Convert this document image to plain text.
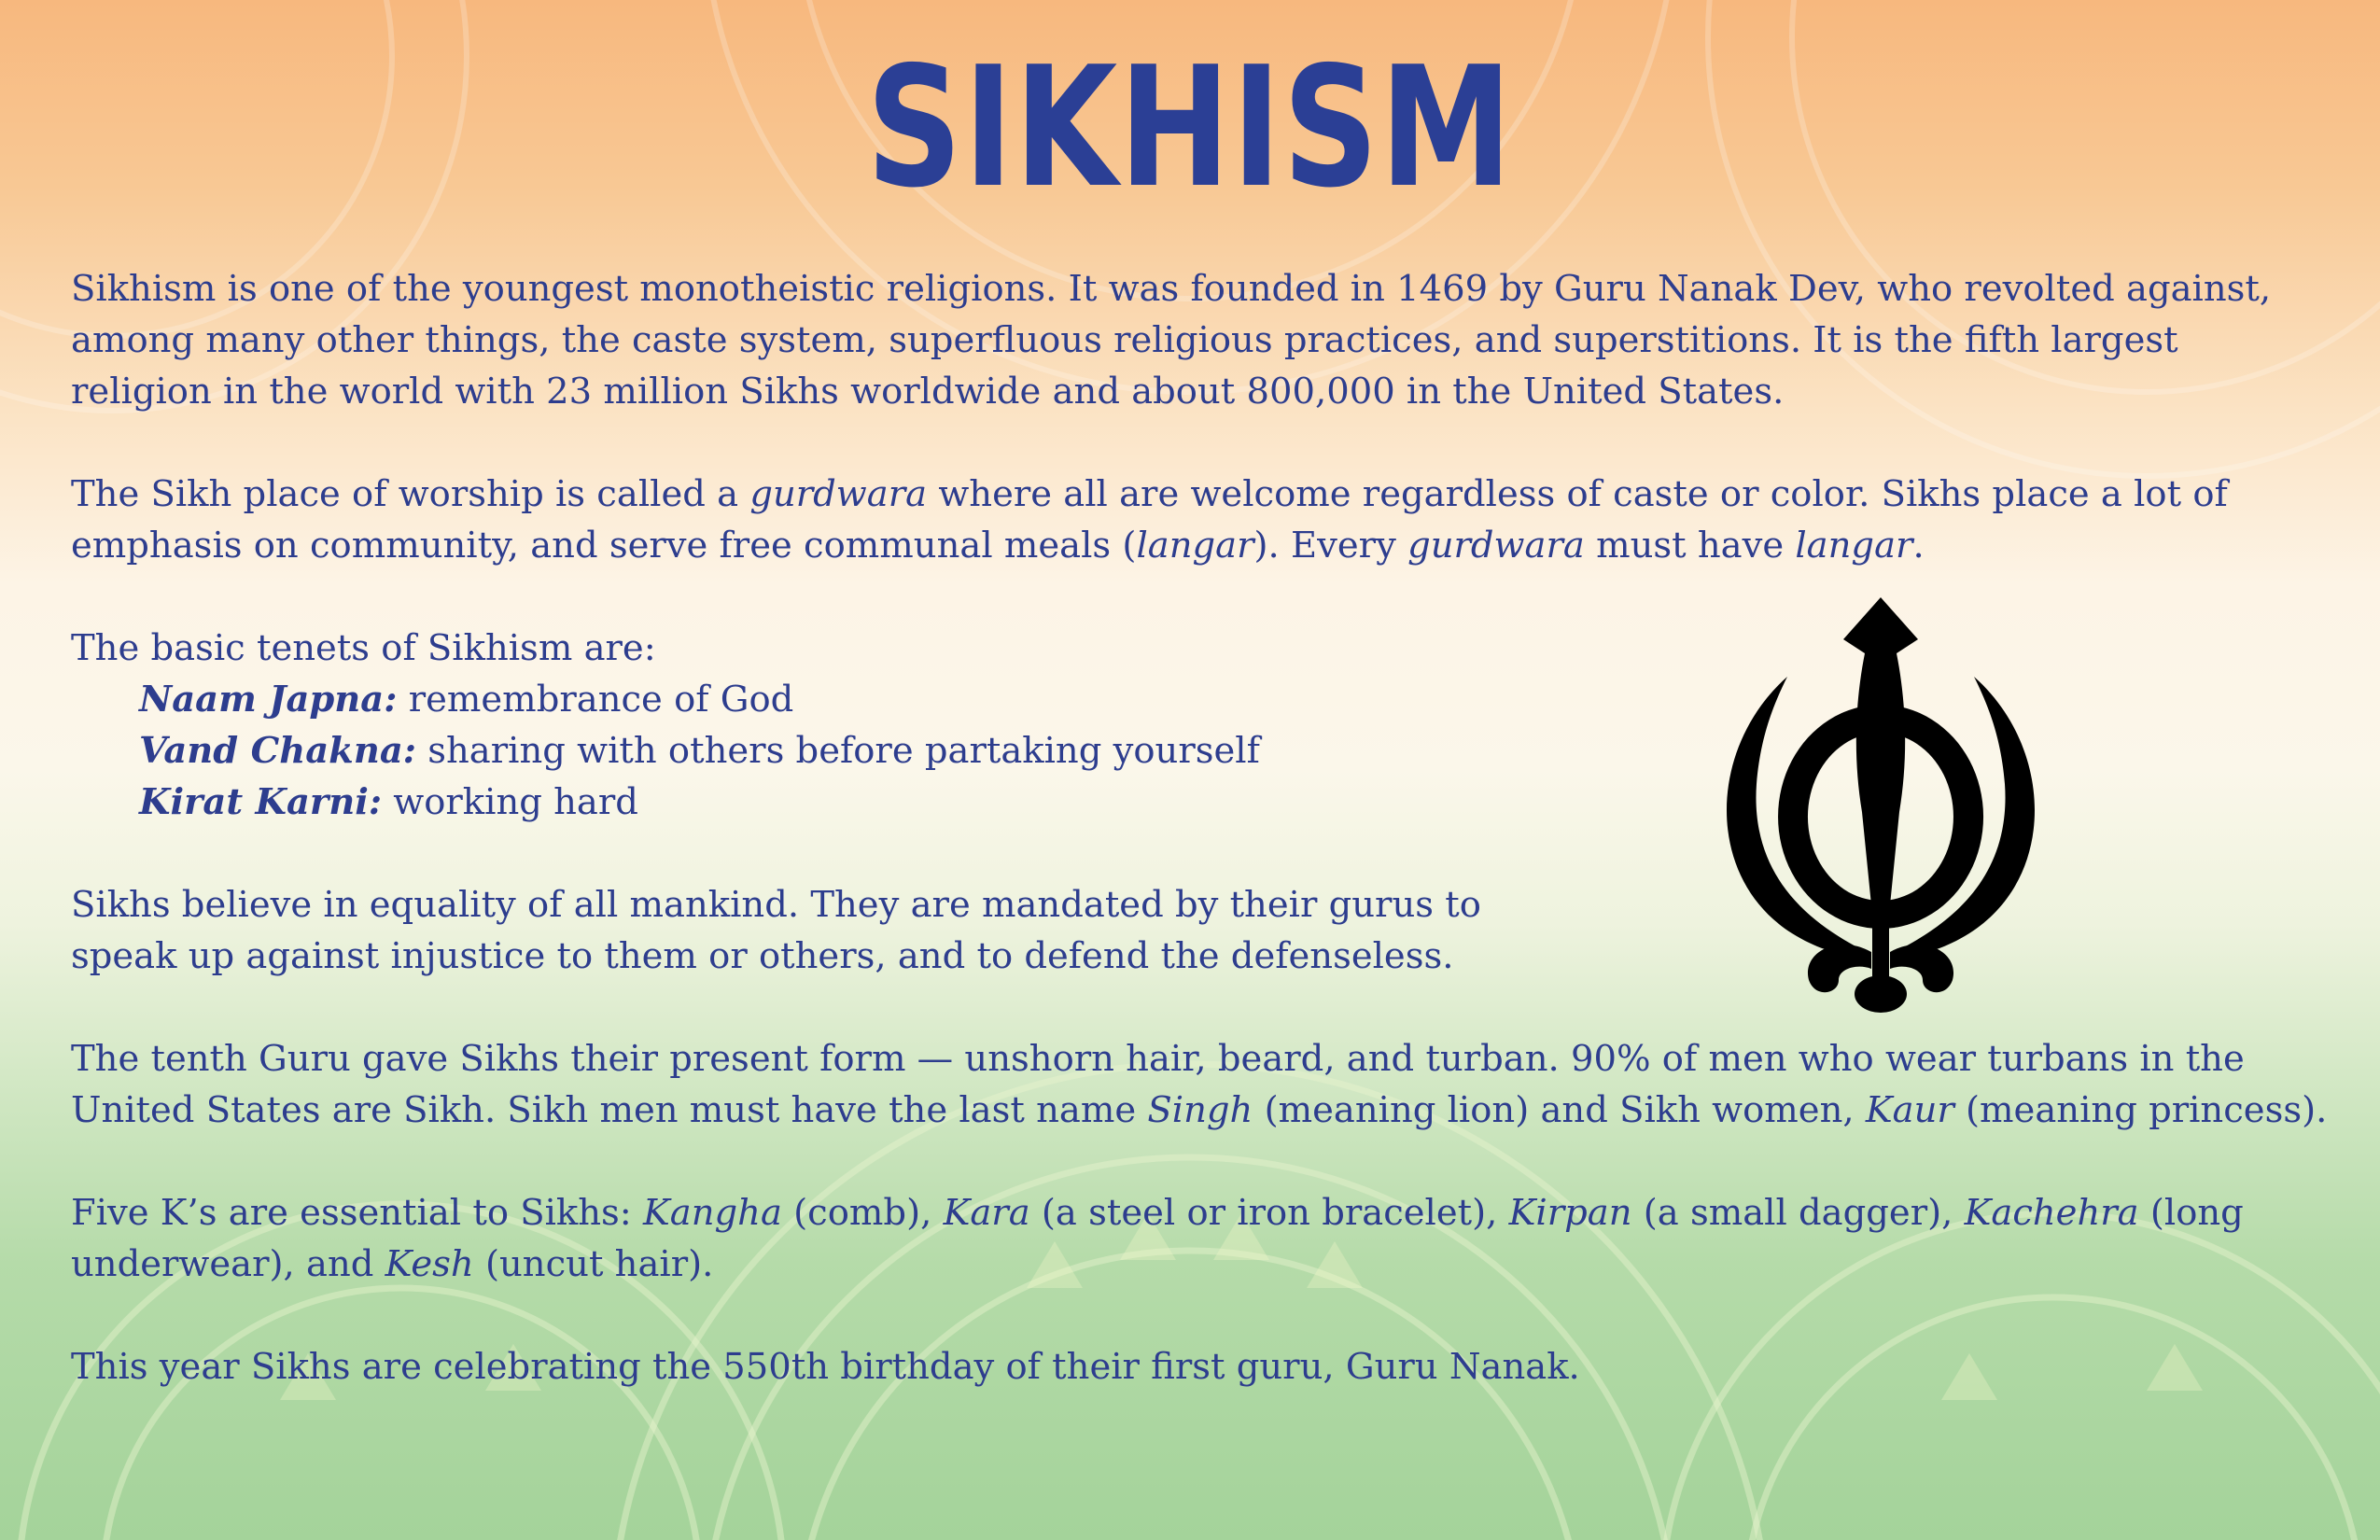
SIKHISM

Sikhism is one of the youngest monotheistic religions. It was founded in 1469 by Guru Nanak Dev, who revolted against, among many other things, the caste system, superfluous religious practices, and superstitions. It is the fifth largest religion in the world with 23 million Sikhs worldwide and about 800,000 in the United States.

The Sikh place of worship is called a gurdwara where all are welcome regardless of caste or color. Sikhs place a lot of emphasis on community, and serve free communal meals (langar). Every gurdwara must have langar.

The basic tenets of Sikhism are:
Naam Japna: remembrance of God
Vand Chakna: sharing with others before partaking yourself
Kirat Karni: working hard

Sikhs believe in equality of all mankind. They are mandated by their gurus to speak up against injustice to them or others, and to defend the defenseless.

The tenth Guru gave Sikhs their present form — unshorn hair, beard, and turban. 90% of men who wear turbans in the United States are Sikh. Sikh men must have the last name Singh (meaning lion) and Sikh women, Kaur (meaning princess).

Five K’s are essential to Sikhs: Kangha (comb), Kara (a steel or iron bracelet), Kirpan (a small dagger), Kachehra (long underwear), and Kesh (uncut hair).

This year Sikhs are celebrating the 550th birthday of their first guru, Guru Nanak.
